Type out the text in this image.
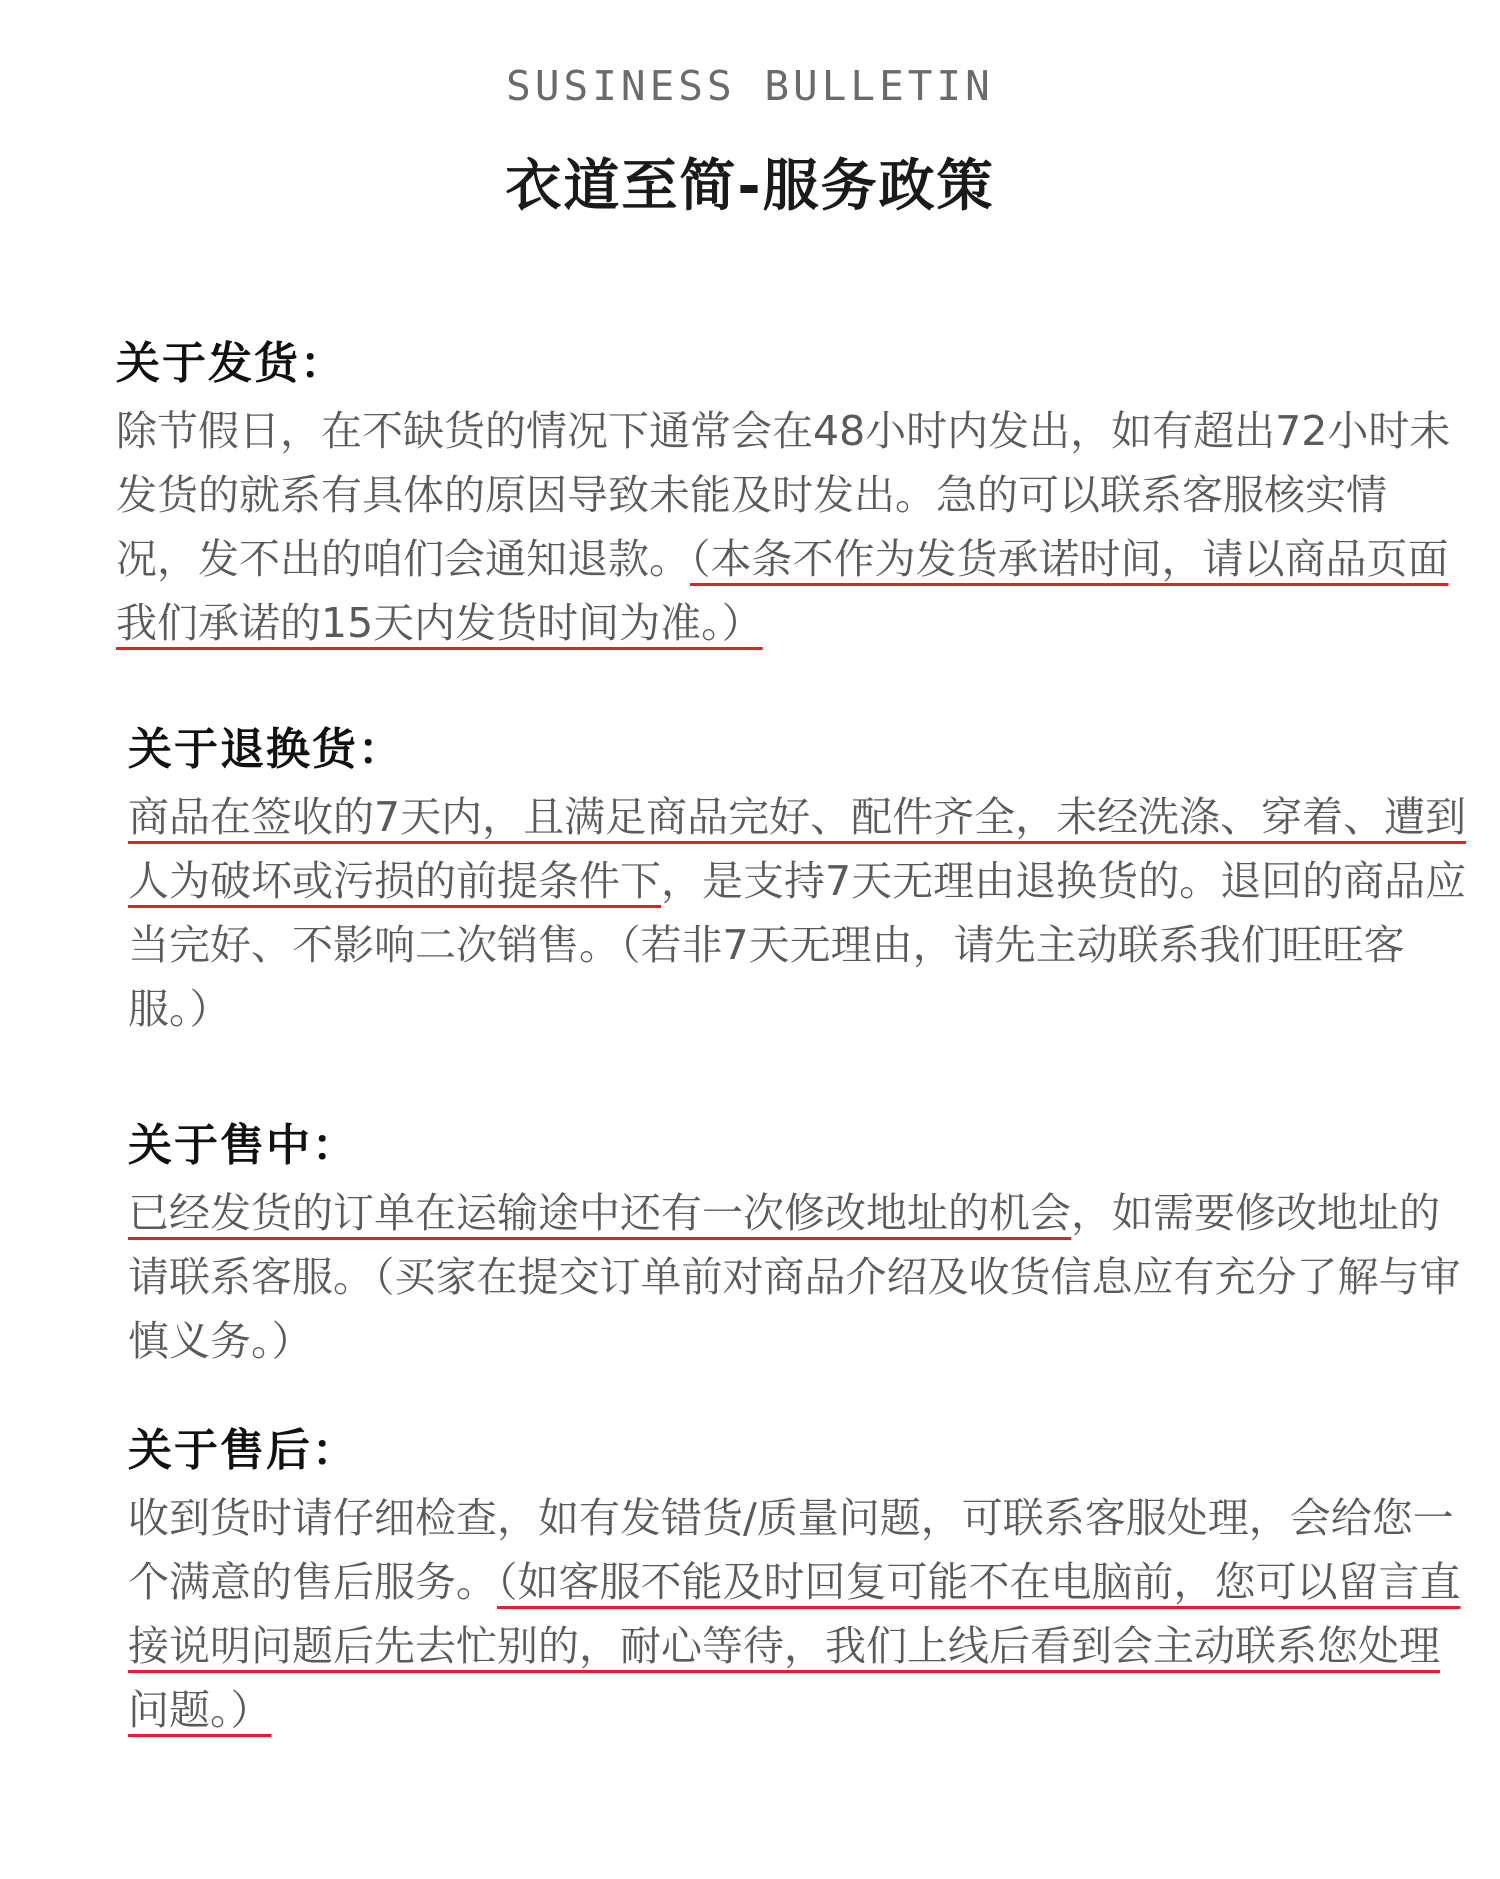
SUSINESS BULLETIN
衣道至简-服务政策
关于发货：

除节假日，在不缺货的情况下通常会在48小时内发出，如有超出72小时未发货的就系有具体的原因导致未能及时发出。急的可以联系客服核实情况，发不出的咱们会通知退款。（本条不作为发货承诺时间，请以商品页面我们承诺的15天内发货时间为准。）

关于退换货：

商品在签收的7天内，且满足商品完好、配件齐全，未经洗涤、穿着、遭到人为破坏或污损的前提条件下，是支持7天无理由退换货的。退回的商品应当完好、不影响二次销售。（若非7天无理由，请先主动联系我们旺旺客服。）

关于售中：

已经发货的订单在运输途中还有一次修改地址的机会，如需要修改地址的请联系客服。（买家在提交订单前对商品介绍及收货信息应有充分了解与审慎义务。）

关于售后：

收到货时请仔细检查，如有发错货/质量问题，可联系客服处理，会给您一个满意的售后服务。（如客服不能及时回复可能不在电脑前，您可以留言直接说明问题后先去忙别的，耐心等待，我们上线后看到会主动联系您处理问题。）
